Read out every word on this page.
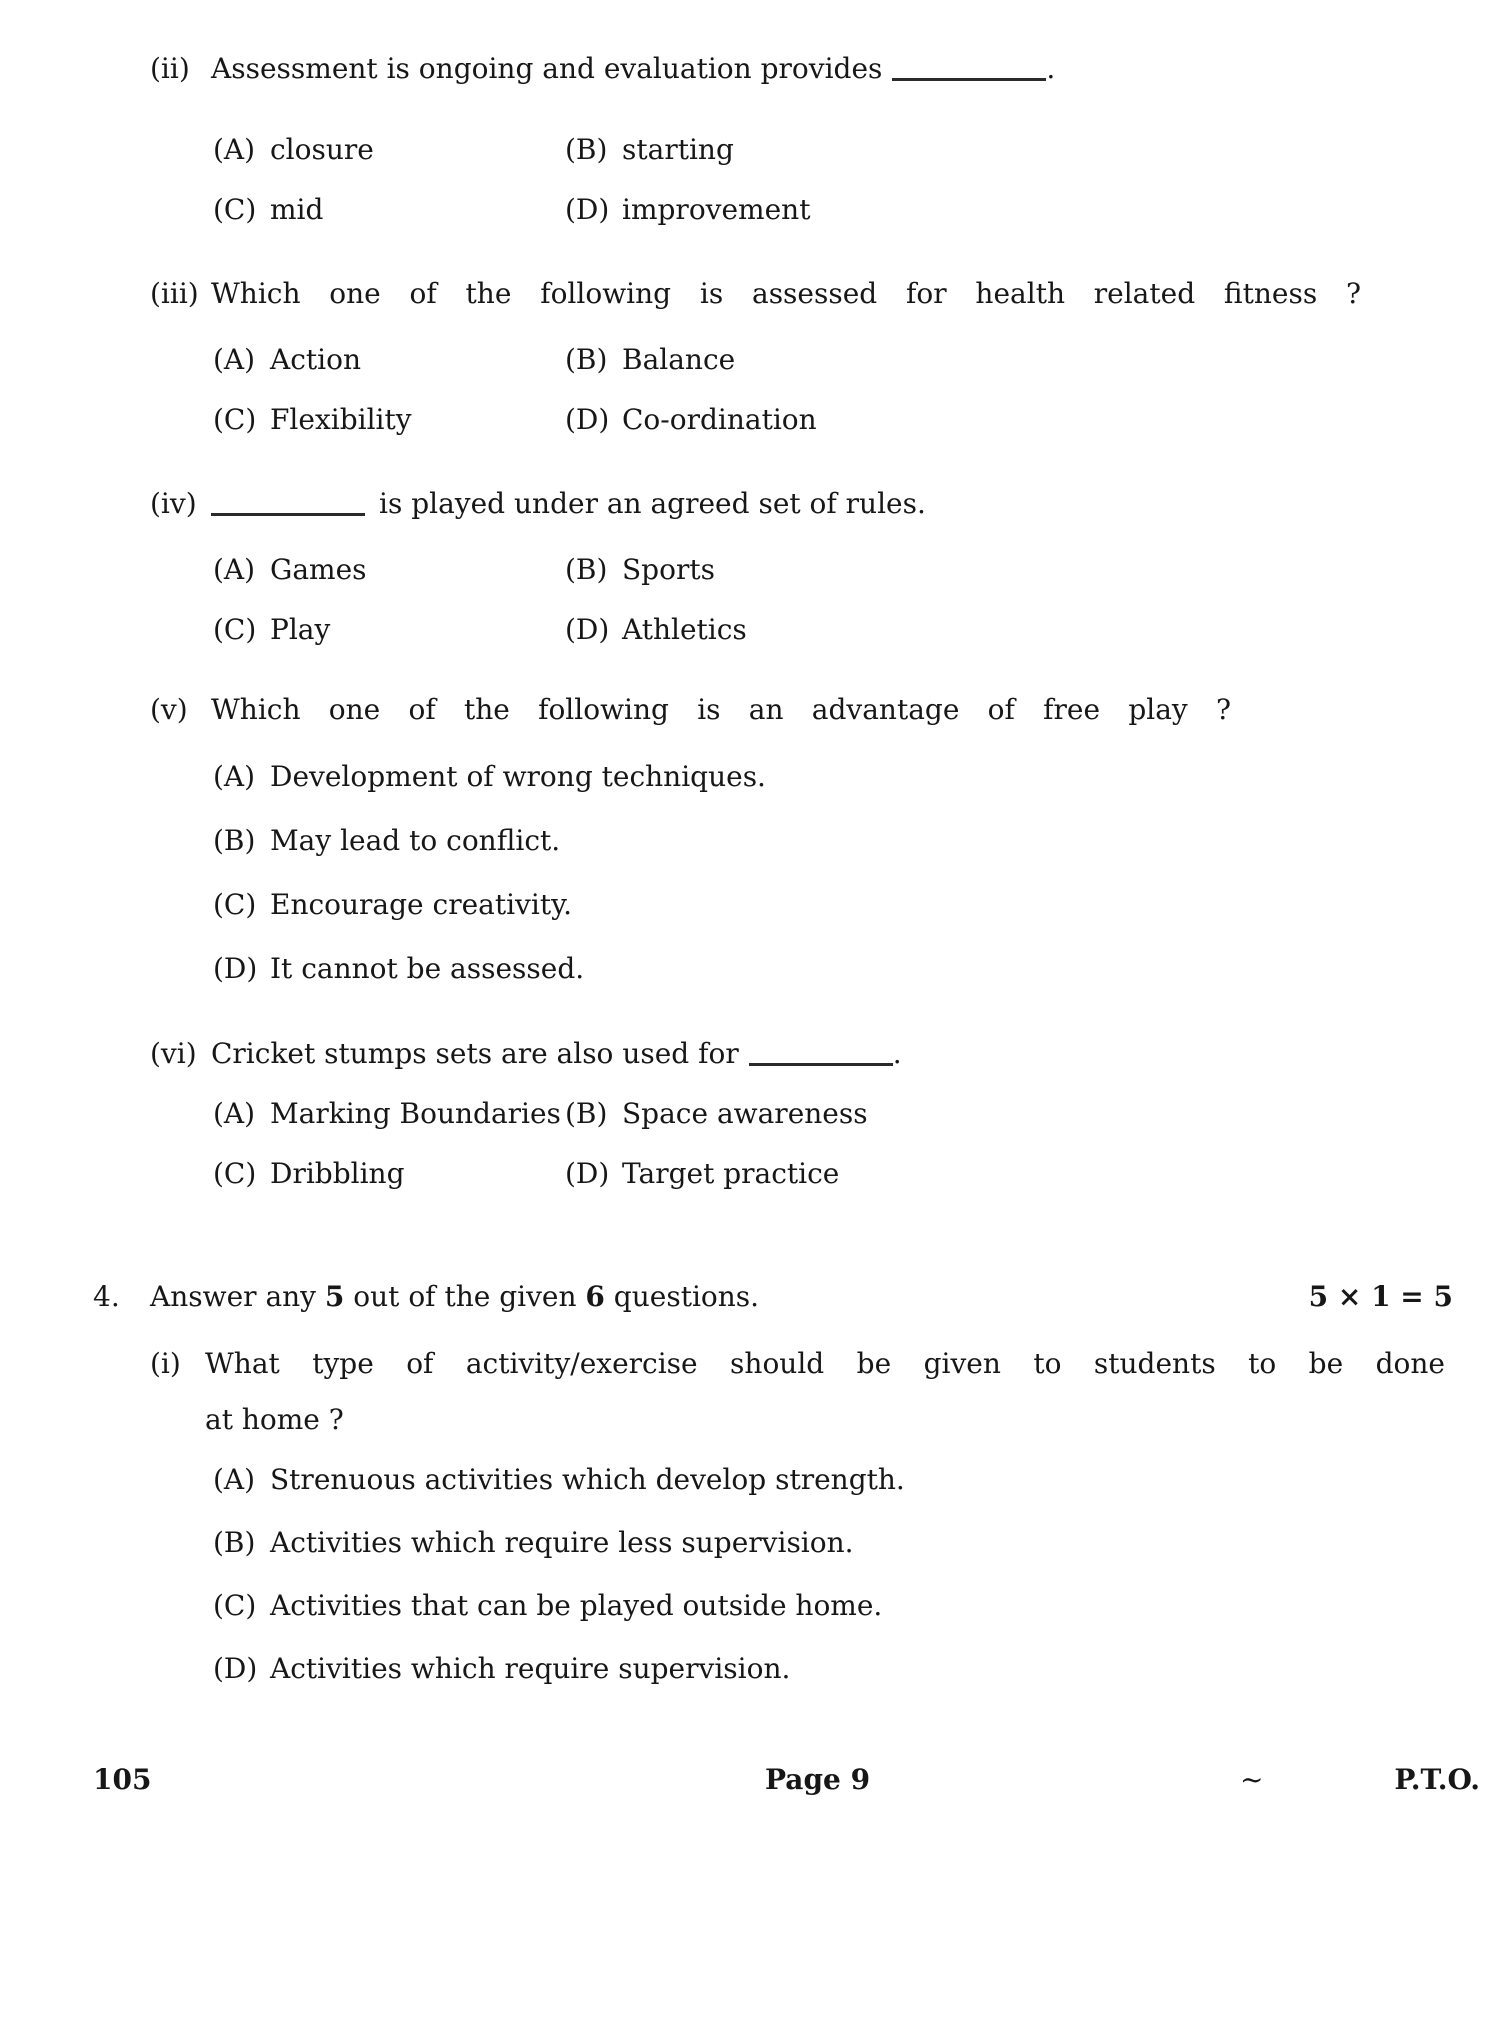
(ii) Assessment is ongoing and evaluation provides	.
(A) closure	(B) starting
(C) mid	(D) improvement
(iii) Which one of the following is assessed for health related fitness ?
(A) Action	(B) Balance
(C) Flexibility	(D) Co-ordination
(iv)	is played under an agreed set of rules.
(A) Games	(B) Sports
(C) Play	(D) Athletics
(v) Which one of the following is an advantage of free play ?
(A) Development of wrong techniques.
(B) May lead to conflict.
(C) Encourage creativity.
(D) It cannot be assessed.
(vi) Cricket stumps sets are also used for	.
(A) Marking Boundaries (B) Space awareness
(C) Dribbling	(D) Target practice
4.	Answer any 5 out of the given 6 questions.	5 × 1 = 5
(i) What type of activity/exercise should be given to students to be done
at home ?
(A) Strenuous activities which develop strength.
(B) Activities which require less supervision.
(C) Activities that can be played outside home.
(D) Activities which require supervision.
105	Page 9	~	P.T.O.
